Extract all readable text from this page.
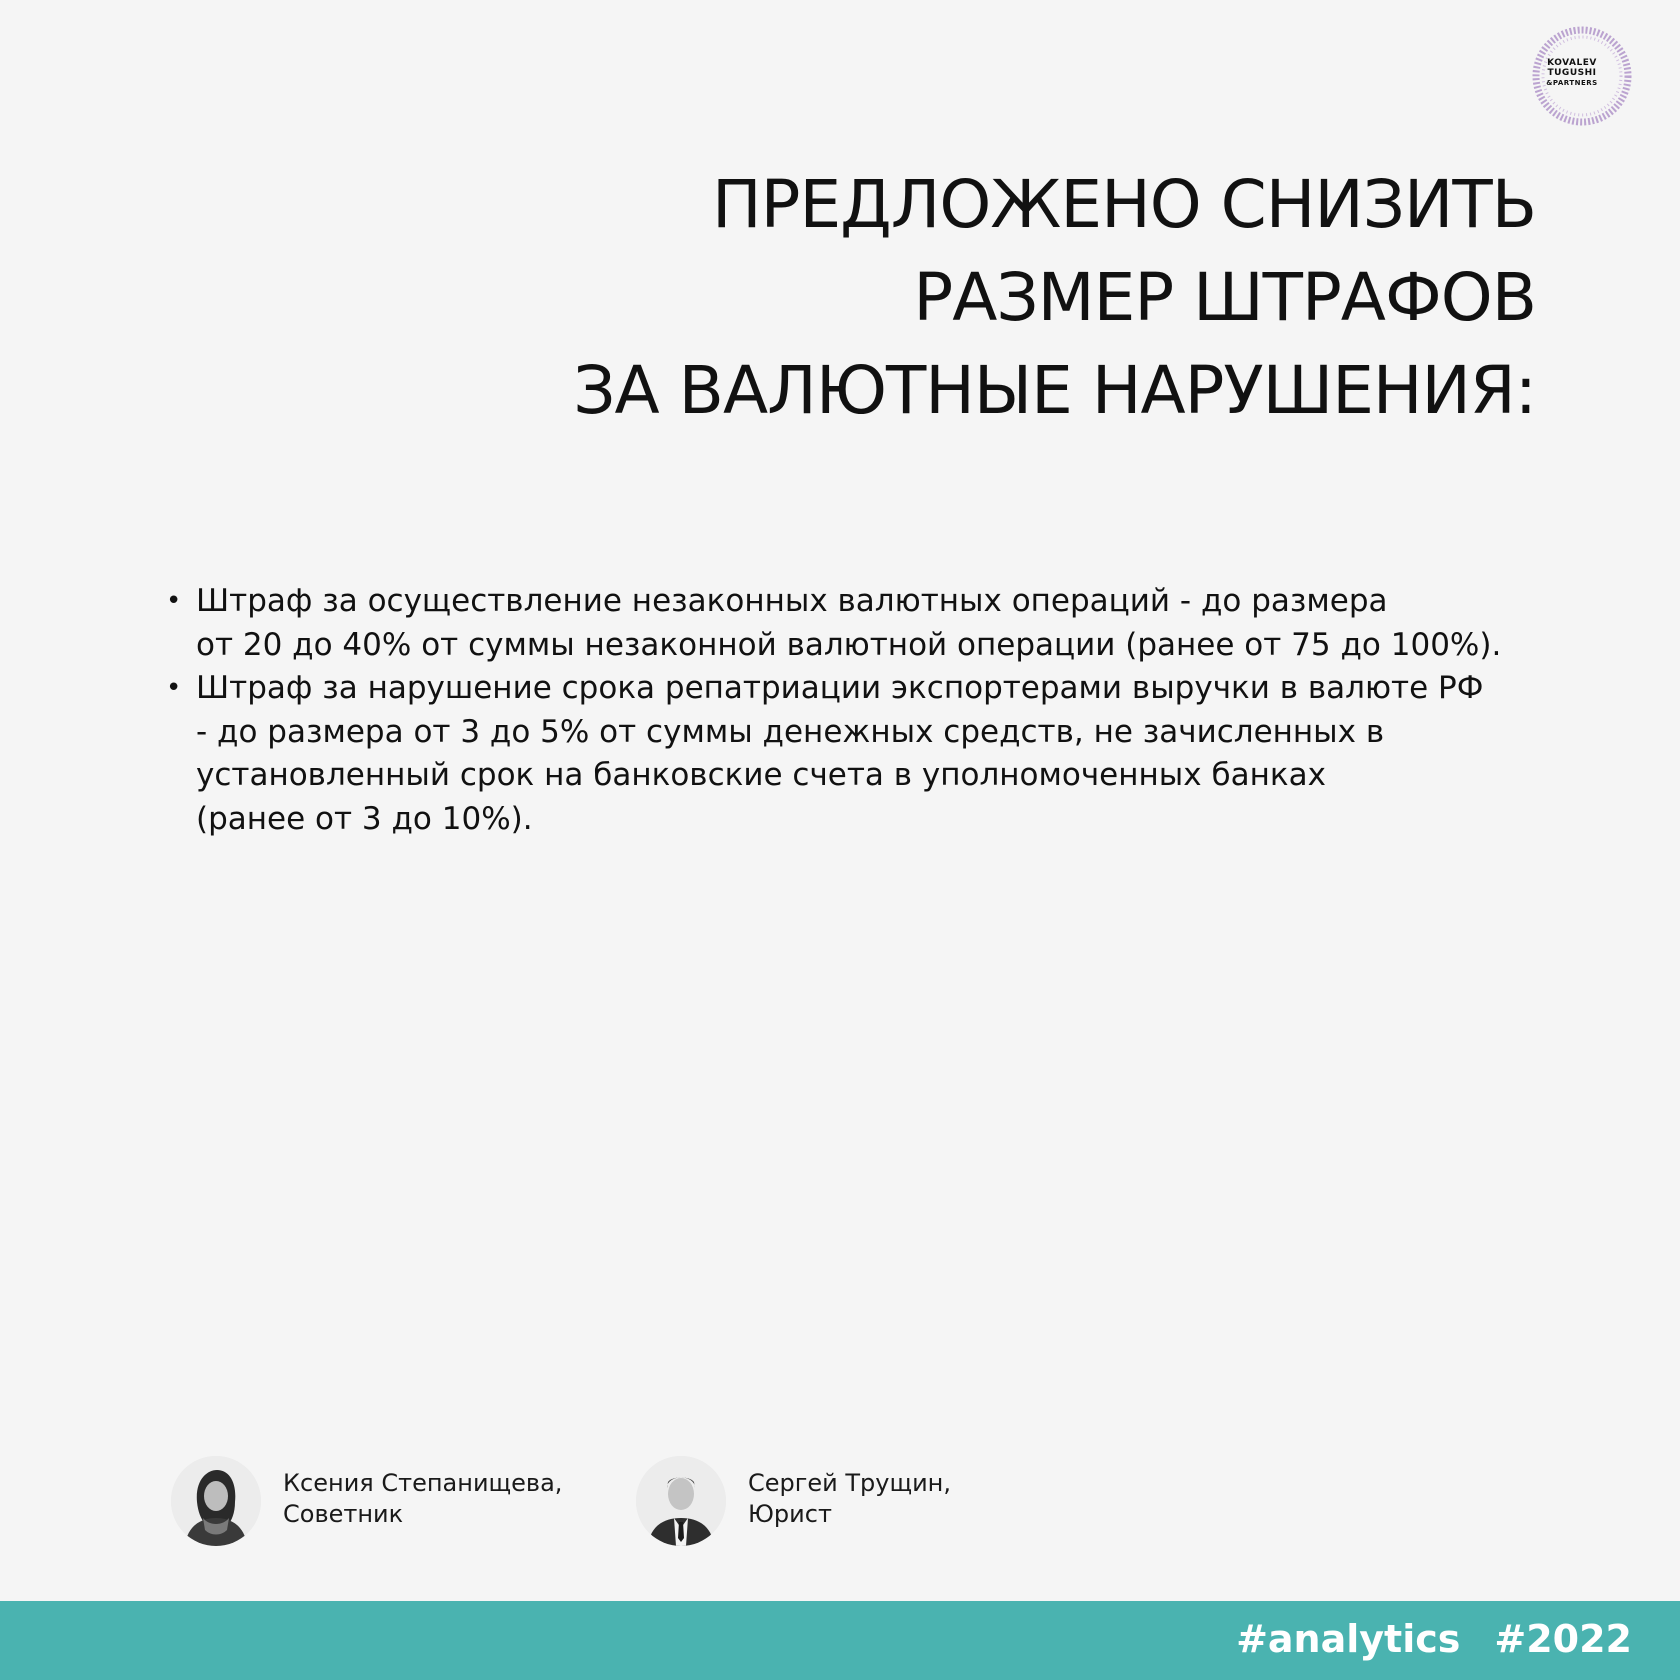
KOVALEV
TUGUSHI
&PARTNERS
ПРЕДЛОЖЕНО СНИЗИТЬ
РАЗМЕР ШТРАФОВ
ЗА ВАЛЮТНЫЕ НАРУШЕНИЯ:
• Штраф за осуществление незаконных валютных операций - до размера
от 20 до 40% от суммы незаконной валютной операции (ранее от 75 до 100%).
• Штраф за нарушение срока репатриации экспортерами выручки в валюте РФ
- до размера от 3 до 5% от суммы денежных средств, не зачисленных в
установленный срок на банковские счета в уполномоченных банках
(ранее от 3 до 10%).
Ксения Степанищева,
Советник
Сергей Трущин,
Юрист
#analytics #2022
